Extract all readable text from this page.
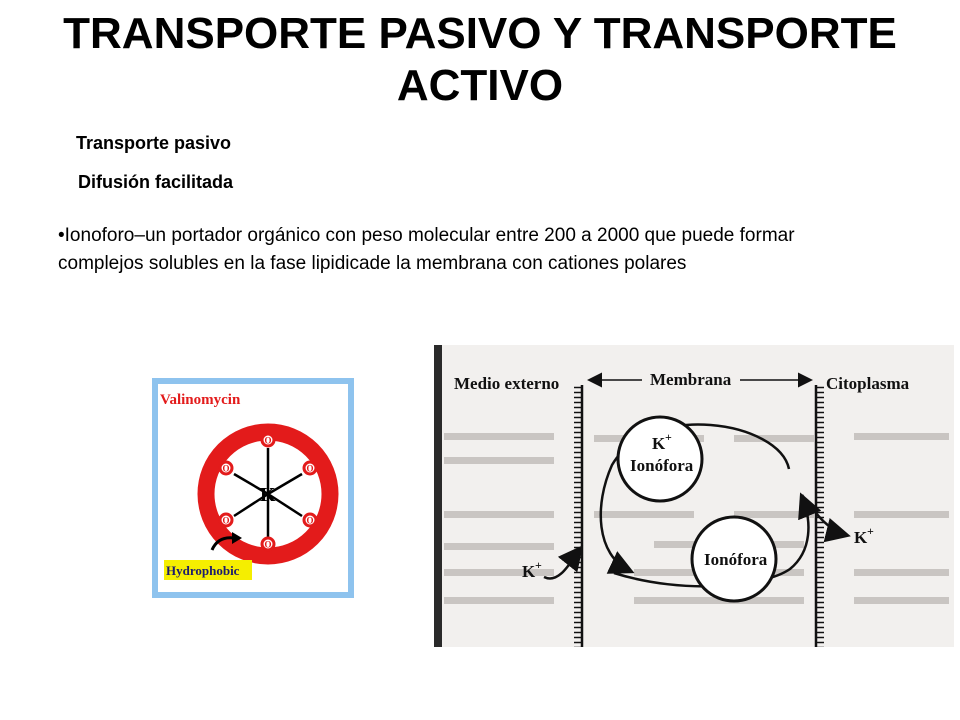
TRANSPORTE PASIVO Y TRANSPORTE
ACTIVO
Transporte pasivo
Difusión facilitada
•Ionoforo–un portador orgánico con peso molecular entre 200 a 2000 que puede formar complejos solubles en la fase lipidicade la membrana con cationes polares
Valinomycin
K
Hydrophobic
O
O
O	O
O	O
Medio externo	Membrana	Citoplasma
K +
Ionófora
Ionófora
K +
K +
